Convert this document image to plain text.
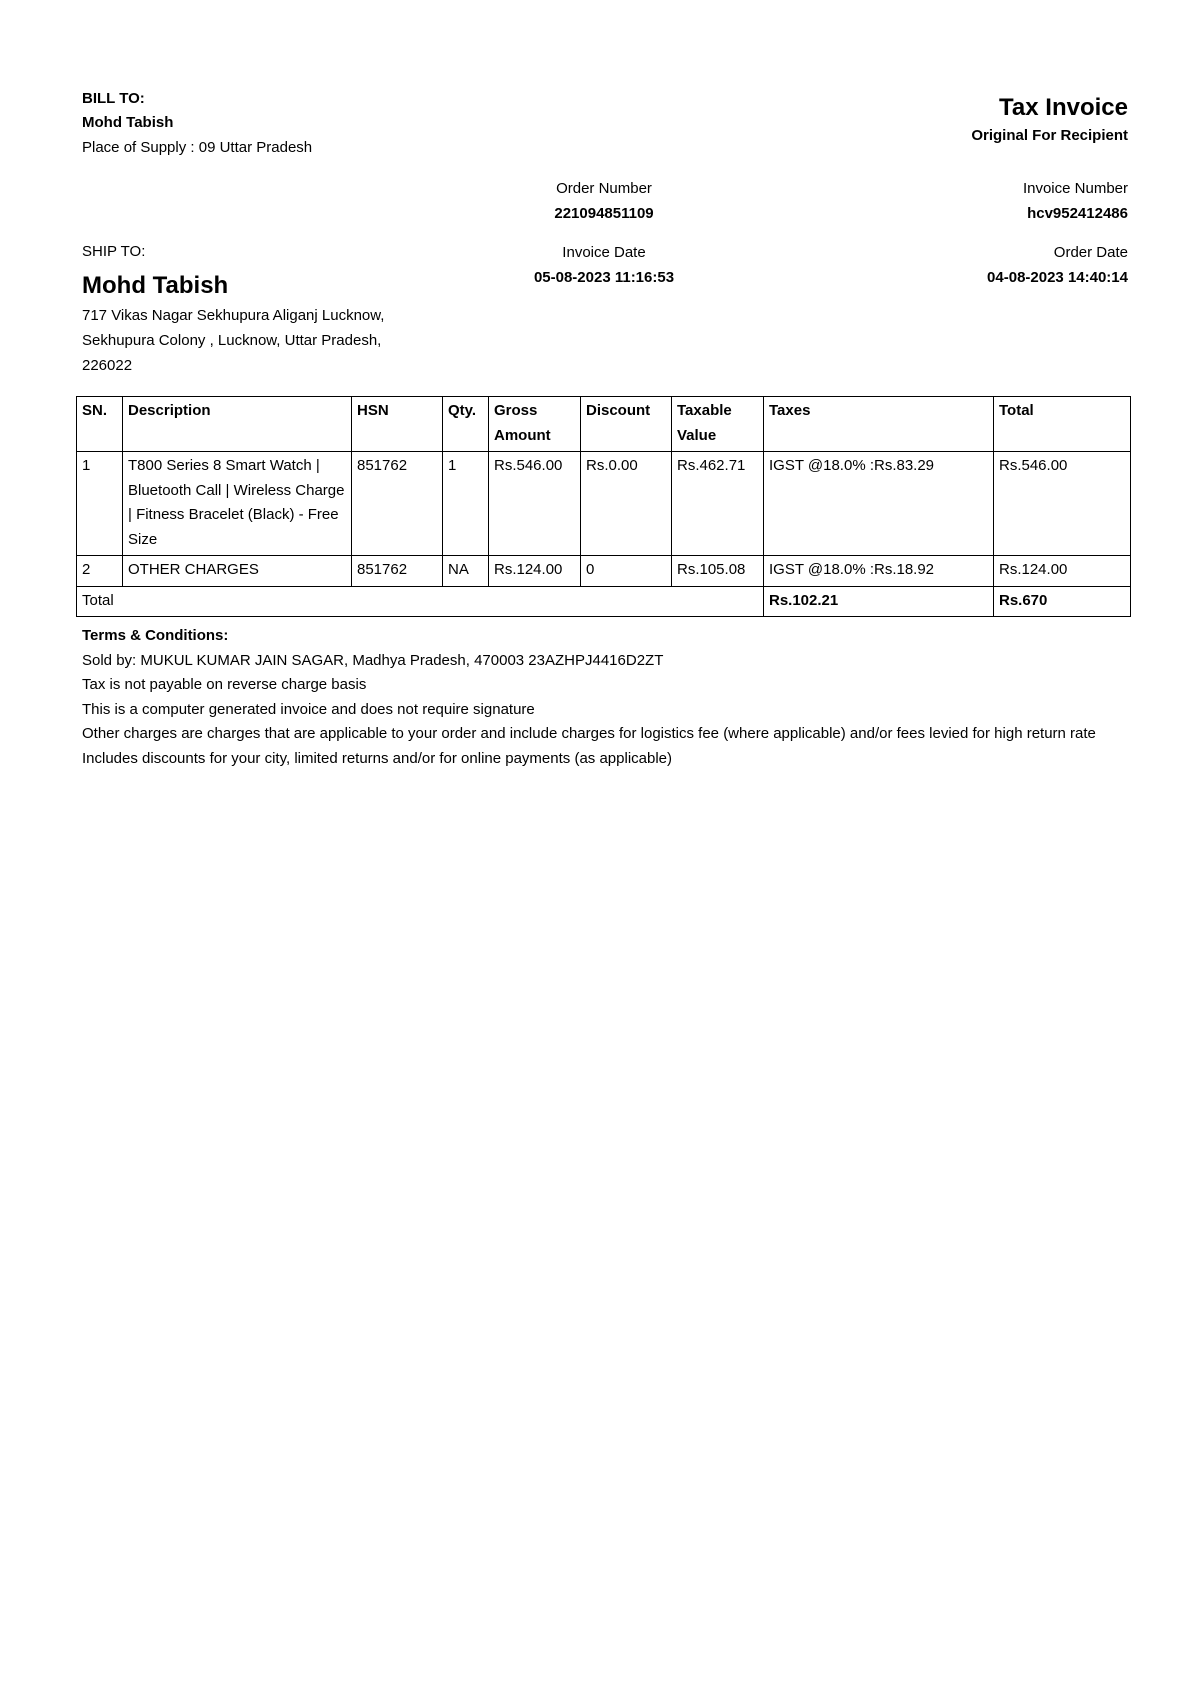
BILL TO:
Mohd Tabish
Place of Supply : 09 Uttar Pradesh
Tax Invoice
Original For Recipient
Order Number
221094851109
Invoice Number
hcv952412486
Invoice Date
05-08-2023 11:16:53
Order Date
04-08-2023 14:40:14
SHIP TO:
Mohd Tabish
717 Vikas Nagar Sekhupura Aliganj Lucknow, Sekhupura Colony , Lucknow, Uttar Pradesh, 226022
SN.	Description	HSN	Qty.	Gross Amount	Discount	Taxable Value	Taxes	Total
1	T800 Series 8 Smart Watch | Bluetooth Call | Wireless Charge | Fitness Bracelet (Black) - Free Size	851762	1	Rs.546.00	Rs.0.00	Rs.462.71	IGST @18.0% :Rs.83.29	Rs.546.00
2	OTHER CHARGES	851762	NA	Rs.124.00	0	Rs.105.08	IGST @18.0% :Rs.18.92	Rs.124.00
Total							Rs.102.21	Rs.670

Terms & Conditions:

Sold by: MUKUL KUMAR JAIN SAGAR, Madhya Pradesh, 470003 23AZHPJ4416D2ZT

Tax is not payable on reverse charge basis

This is a computer generated invoice and does not require signature

Other charges are charges that are applicable to your order and include charges for logistics fee (where applicable) and/or fees levied for high return rate

Includes discounts for your city, limited returns and/or for online payments (as applicable)
